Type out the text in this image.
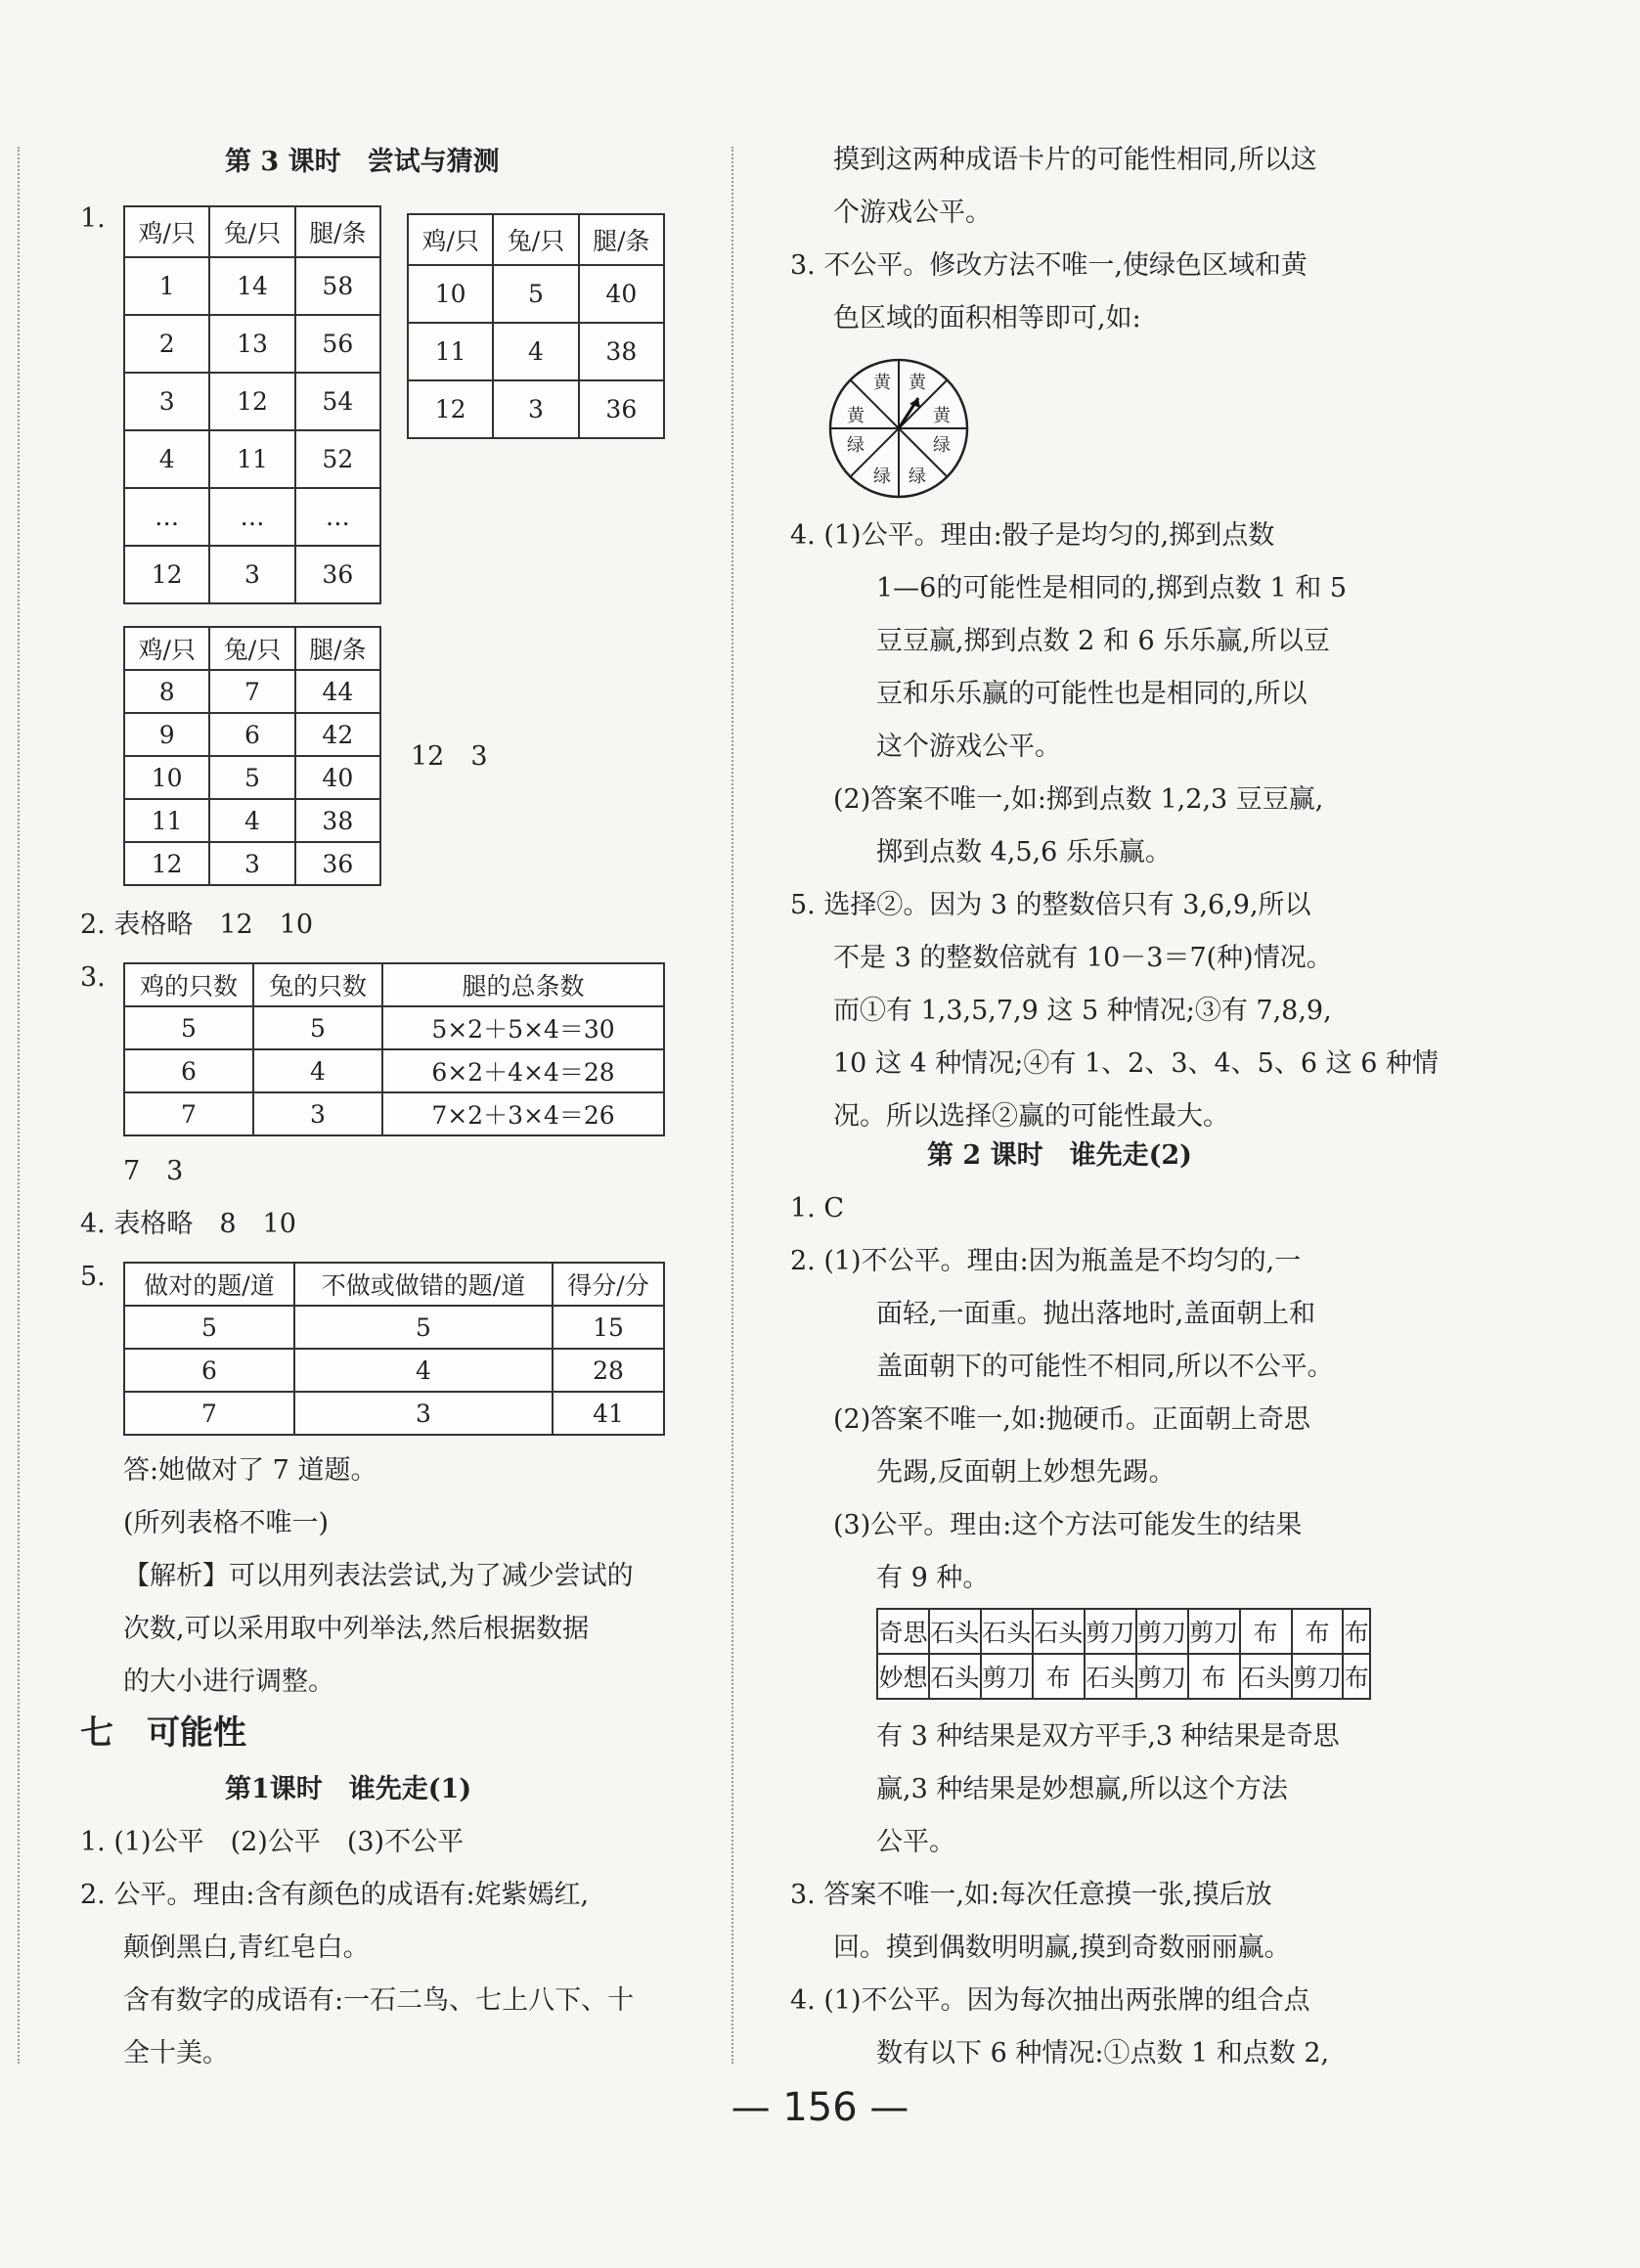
第 3 课时　尝试与猜测
1. 鸡/只	兔/只	腿/条
1	14	58
2	13	56
3	12	54
4	11	52
…	…	…
12	3	36
鸡/只	兔/只	腿/条
10	5	40
11	4	38
12	3	36
鸡/只	兔/只	腿/条
8	7	44
9	6	42
10	5	40
11	4	38
12	3	36
12　3
2. 表格略　12　10
3. 鸡的只数	兔的只数	腿的总条数
5	5	5×2＋5×4＝30
6	4	6×2＋4×4＝28
7	3	7×2＋3×4＝26
7　3
4. 表格略　8　10
5. 做对的题/道	不做或做错的题/道	得分/分
5	5	15
6	4	28
7	3	41
答:她做对了 7 道题。
(所列表格不唯一)
【解析】可以用列表法尝试,为了减少尝试的
次数,可以采用取中列举法,然后根据数据
的大小进行调整。
七　可能性
第1课时　谁先走(1)
1. (1)公平　(2)公平　(3)不公平
2. 公平。理由:含有颜色的成语有:姹紫嫣红,
颠倒黑白,青红皂白。
含有数字的成语有:一石二鸟、七上八下、十
全十美。
摸到这两种成语卡片的可能性相同,所以这
个游戏公平。
3. 不公平。修改方法不唯一,使绿色区域和黄
色区域的面积相等即可,如:
黄 黄
黄
绿
绿
绿
绿
黄
4. (1)公平。理由:骰子是均匀的,掷到点数
1—6的可能性是相同的,掷到点数 1 和 5
豆豆赢,掷到点数 2 和 6 乐乐赢,所以豆
豆和乐乐赢的可能性也是相同的,所以
这个游戏公平。
(2)答案不唯一,如:掷到点数 1,2,3 豆豆赢,
掷到点数 4,5,6 乐乐赢。
5. 选择②。因为 3 的整数倍只有 3,6,9,所以
不是 3 的整数倍就有 10－3＝7(种)情况。
而①有 1,3,5,7,9 这 5 种情况;③有 7,8,9,
10 这 4 种情况;④有 1、2、3、4、5、6 这 6 种情
况。所以选择②赢的可能性最大。
第 2 课时　谁先走(2)
1. C
2. (1)不公平。理由:因为瓶盖是不均匀的,一
面轻,一面重。抛出落地时,盖面朝上和
盖面朝下的可能性不相同,所以不公平。
(2)答案不唯一,如:抛硬币。正面朝上奇思
先踢,反面朝上妙想先踢。
(3)公平。理由:这个方法可能发生的结果
有 9 种。
奇思	石头	石头	石头	剪刀	剪刀	剪刀	布	布	布
妙想	石头	剪刀	布	石头	剪刀	布	石头	剪刀	布
有 3 种结果是双方平手,3 种结果是奇思
赢,3 种结果是妙想赢,所以这个方法
公平。
3. 答案不唯一,如:每次任意摸一张,摸后放
回。摸到偶数明明赢,摸到奇数丽丽赢。
4. (1)不公平。因为每次抽出两张牌的组合点
数有以下 6 种情况:①点数 1 和点数 2,
— 156 —
